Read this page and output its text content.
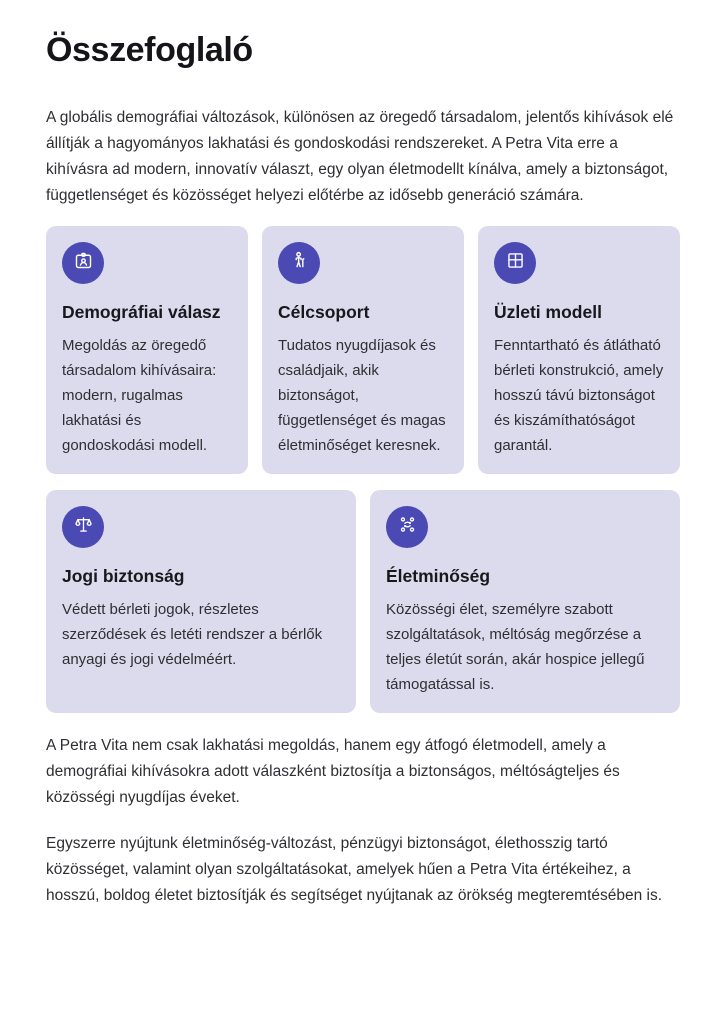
Összefoglaló

A globális demográfiai változások, különösen az öregedő társadalom, jelentős kihívások elé állítják a hagyományos lakhatási és gondoskodási rendszereket. A Petra Vita erre a kihívásra ad modern, innovatív választ, egy olyan életmodellt kínálva, amely a biztonságot, függetlenséget és közösséget helyezi előtérbe az idősebb generáció számára.

Demográfiai válasz

Megoldás az öregedő társadalom kihívásaira: modern, rugalmas lakhatási és gondoskodási modell.

Célcsoport

Tudatos nyugdíjasok és családjaik, akik biztonságot, függetlenséget és magas életminőséget keresnek.

Üzleti modell

Fenntartható és átlátható bérleti konstrukció, amely hosszú távú biztonságot és kiszámíthatóságot garantál.

Jogi biztonság

Védett bérleti jogok, részletes szerződések és letéti rendszer a bérlők anyagi és jogi védelméért.

Életminőség

Közösségi élet, személyre szabott szolgáltatások, méltóság megőrzése a teljes életút során, akár hospice jellegű támogatással is.

A Petra Vita nem csak lakhatási megoldás, hanem egy átfogó életmodell, amely a demográfiai kihívásokra adott válaszként biztosítja a biztonságos, méltóságteljes és közösségi nyugdíjas éveket.

Egyszerre nyújtunk életminőség-változást, pénzügyi biztonságot, élethosszig tartó közösséget, valamint olyan szolgáltatásokat, amelyek hűen a Petra Vita értékeihez, a hosszú, boldog életet biztosítják és segítséget nyújtanak az örökség megteremtésében is.
